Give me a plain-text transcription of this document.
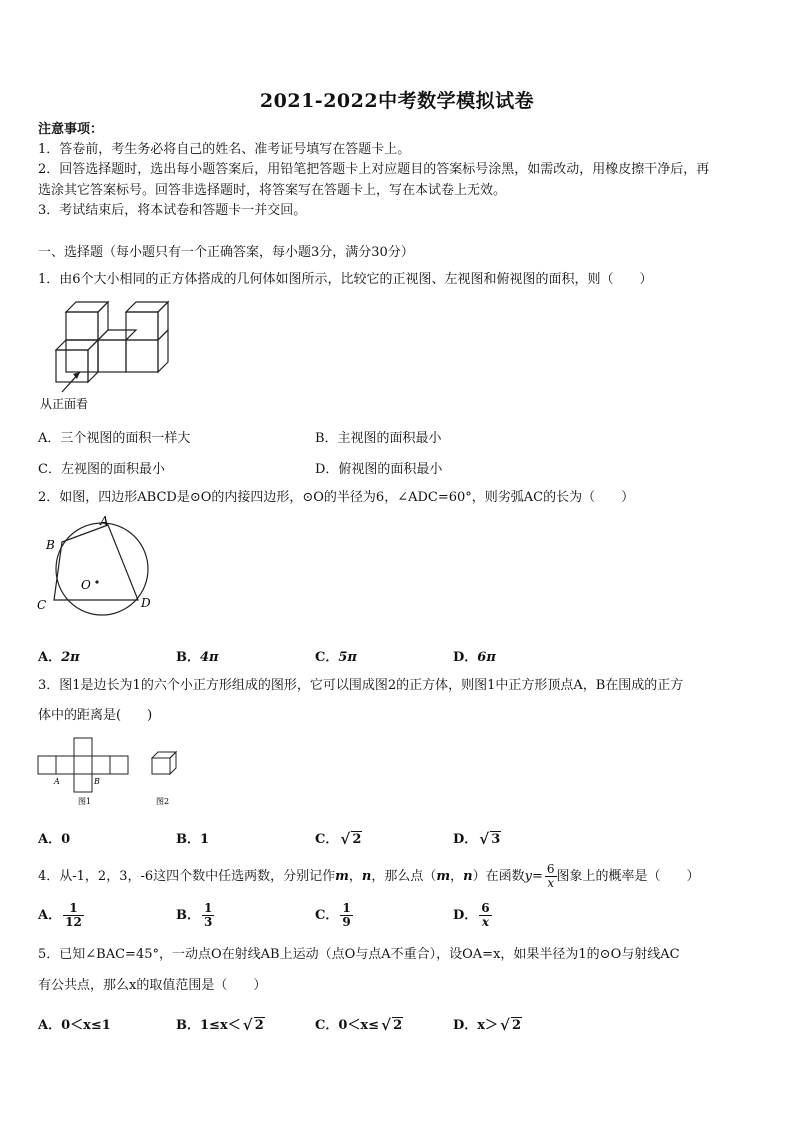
2021-2022中考数学模拟试卷
注意事项：
1．答卷前，考生务必将自己的姓名、准考证号填写在答题卡上。
2．回答选择题时，选出每小题答案后，用铅笔把答题卡上对应题目的答案标号涂黑，如需改动，用橡皮擦干净后，再
选涂其它答案标号。回答非选择题时，将答案写在答题卡上，写在本试卷上无效。
3．考试结束后，将本试卷和答题卡一并交回。
一、选择题（每小题只有一个正确答案，每小题3分，满分30分）
1．由6个大小相同的正方体搭成的几何体如图所示，比较它的正视图、左视图和俯视图的面积，则（　　）
从正面看
A．三个视图的面积一样大	B．主视图的面积最小
C．左视图的面积最小	D．俯视图的面积最小
2．如图，四边形ABCD是⊙O的内接四边形，⊙O的半径为6，∠ADC=60°，则劣弧AC的长为（　　）
A
B
C	D
O
A．2π	B．4π	C．5π	D．6π
3．图1是边长为1的六个小正方形组成的图形，它可以围成图2的正方体，则图1中正方形顶点A，B在围成的正方
体中的距离是(　　)
A	B
图1	图2
A．0	B．1	C． √ 2	D． √ 3
4．从-1，2，3，-6这四个数中任选两数，分别记作m，n，那么点（m，n）在函数$y= \frac{6}{x}$ 图象上的概率是（　　）
A． $\frac{1}{12}$	B． $\frac{1}{3}$	C． $\frac{1}{9}$	D． $\frac{6}{x}$
5．已知∠BAC=45°，一动点O在射线AB上运动（点O与点A不重合），设OA=x，如果半径为1的⊙O与射线AC
有公共点，那么x的取值范围是（　　）
A．0＜x≤1	B．1≤x＜ √ 2	C．0＜x≤ √ 2	D．x＞ √ 2
